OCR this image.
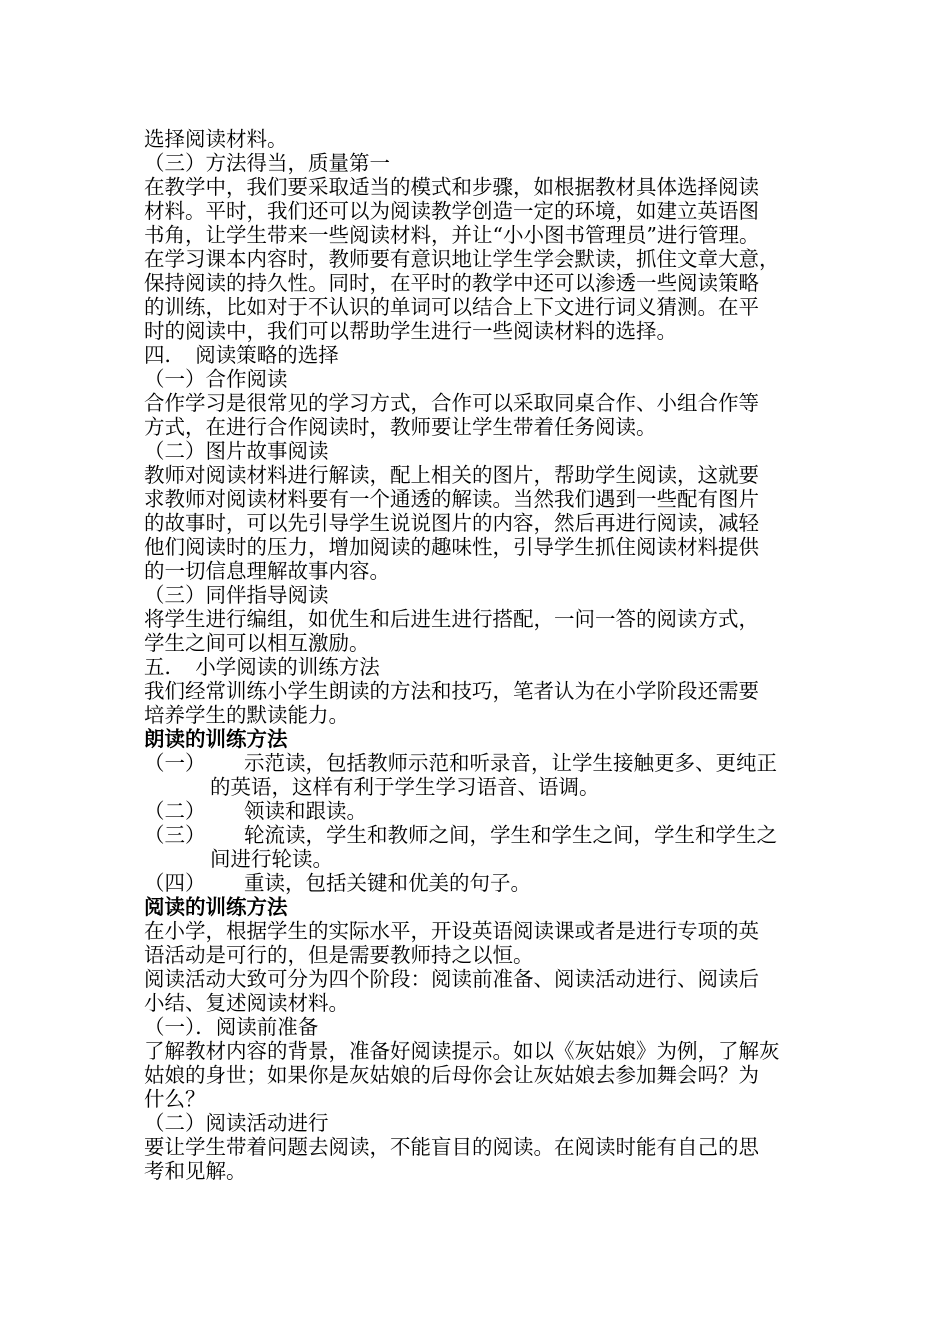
选择阅读材料。
（三）方法得当，质量第一
在教学中，我们要采取适当的模式和步骤，如根据教材具体选择阅读
材料。平时，我们还可以为阅读教学创造一定的环境，如建立英语图
书角，让学生带来一些阅读材料，并让“小小图书管理员”进行管理。
在学习课本内容时，教师要有意识地让学生学会默读，抓住文章大意，
保持阅读的持久性。同时，在平时的教学中还可以渗透一些阅读策略
的训练，比如对于不认识的单词可以结合上下文进行词义猜测。在平
时的阅读中，我们可以帮助学生进行一些阅读材料的选择。
四．　阅读策略的选择
（一）合作阅读
合作学习是很常见的学习方式，合作可以采取同桌合作、小组合作等
方式，在进行合作阅读时，教师要让学生带着任务阅读。
（二）图片故事阅读
教师对阅读材料进行解读，配上相关的图片，帮助学生阅读，这就要
求教师对阅读材料要有一个通透的解读。当然我们遇到一些配有图片
的故事时，可以先引导学生说说图片的内容，然后再进行阅读，减轻
他们阅读时的压力，增加阅读的趣味性，引导学生抓住阅读材料提供
的一切信息理解故事内容。
（三）同伴指导阅读
将学生进行编组，如优生和后进生进行搭配，一问一答的阅读方式，
学生之间可以相互激励。
五．　小学阅读的训练方法
我们经常训练小学生朗读的方法和技巧，笔者认为在小学阶段还需要
培养学生的默读能力。
朗读的训练方法
（一）	示范读，包括教师示范和听录音，让学生接触更多、更纯正
的英语，这样有利于学生学习语音、语调。
（二）	领读和跟读。
（三）	轮流读，学生和教师之间，学生和学生之间，学生和学生之
间进行轮读。
（四）	重读，包括关键和优美的句子。
阅读的训练方法
在小学，根据学生的实际水平，开设英语阅读课或者是进行专项的英
语活动是可行的，但是需要教师持之以恒。
阅读活动大致可分为四个阶段：阅读前准备、阅读活动进行、阅读后
小结、复述阅读材料。
（一）．阅读前准备
了解教材内容的背景，准备好阅读提示。如以《灰姑娘》为例，了解灰
姑娘的身世；如果你是灰姑娘的后母你会让灰姑娘去参加舞会吗？为
什么？
（二）阅读活动进行
要让学生带着问题去阅读，不能盲目的阅读。在阅读时能有自己的思
考和见解。
